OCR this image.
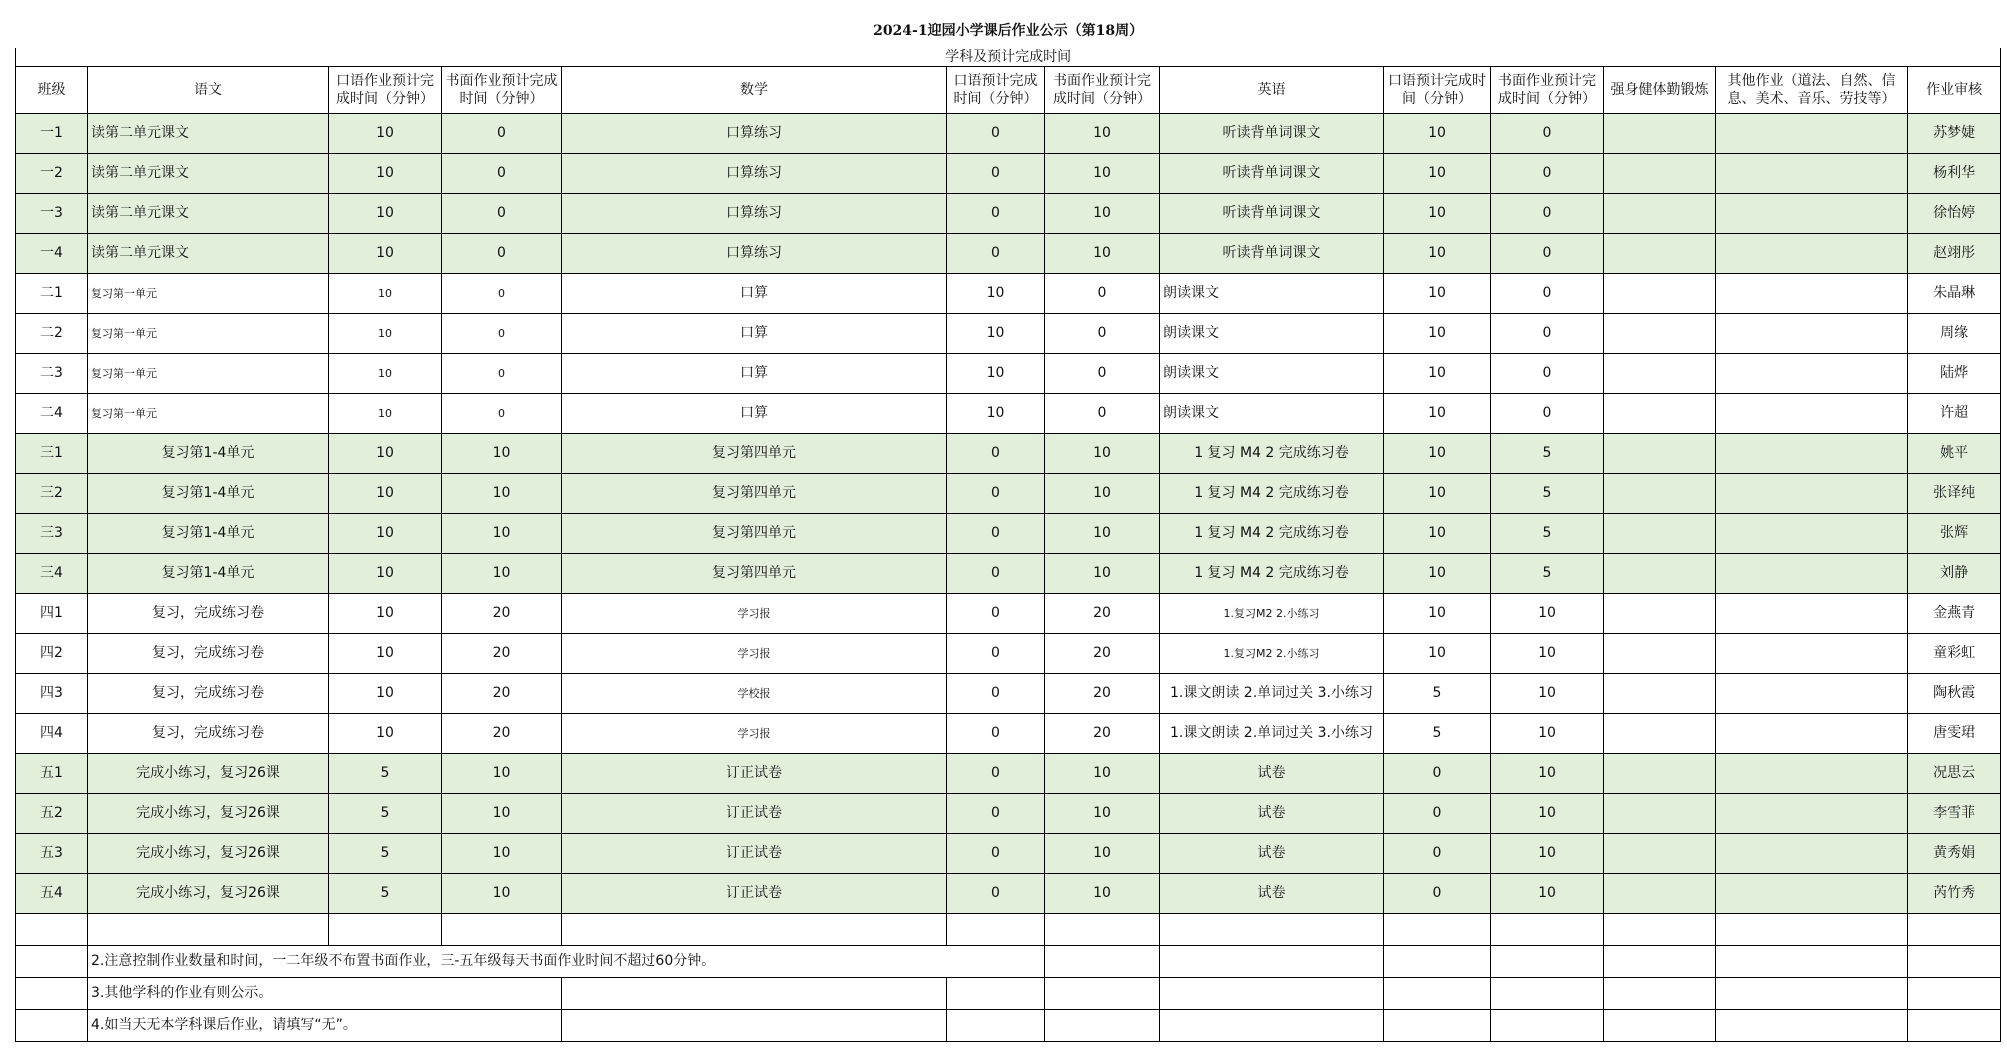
2024-1迎园小学课后作业公示（第18周）												
学科及预计完成时间												
班级	语文	口语作业预计完成时间（分钟）	书面作业预计完成时间（分钟）	数学	口语预计完成时间（分钟）	书面作业预计完成时间（分钟）	英语	口语预计完成时间（分钟）	书面作业预计完成时间（分钟）	强身健体勤锻炼	其他作业（道法、自然、信息、美术、音乐、劳技等）	作业审核
一1	读第二单元课文	10	0	口算练习	0	10	听读背单词课文	10	0			苏梦婕
一2	读第二单元课文	10	0	口算练习	0	10	听读背单词课文	10	0			杨利华
一3	读第二单元课文	10	0	口算练习	0	10	听读背单词课文	10	0			徐怡婷
一4	读第二单元课文	10	0	口算练习	0	10	听读背单词课文	10	0			赵翊彤
二1	复习第一单元	10	0	口算	10	0	朗读课文	10	0			朱晶琳
二2	复习第一单元	10	0	口算	10	0	朗读课文	10	0			周缘
二3	复习第一单元	10	0	口算	10	0	朗读课文	10	0			陆烨
二4	复习第一单元	10	0	口算	10	0	朗读课文	10	0			许超
三1	复习第1-4单元	10	10	复习第四单元	0	10	1 复习 M4 2 完成练习卷	10	5			姚平
三2	复习第1-4单元	10	10	复习第四单元	0	10	1 复习 M4 2 完成练习卷	10	5			张译纯
三3	复习第1-4单元	10	10	复习第四单元	0	10	1 复习 M4 2 完成练习卷	10	5			张辉
三4	复习第1-4单元	10	10	复习第四单元	0	10	1 复习 M4 2 完成练习卷	10	5			刘静
四1	复习，完成练习卷	10	20	学习报	0	20	1.复习M2 2.小练习	10	10			金燕青
四2	复习，完成练习卷	10	20	学习报	0	20	1.复习M2 2.小练习	10	10			童彩虹
四3	复习，完成练习卷	10	20	学校报	0	20	1.课文朗读 2.单词过关 3.小练习	5	10			陶秋霞
四4	复习，完成练习卷	10	20	学习报	0	20	1.课文朗读 2.单词过关 3.小练习	5	10			唐雯珺
五1	完成小练习，复习26课	5	10	订正试卷	0	10	试卷	0	10			况思云
五2	完成小练习，复习26课	5	10	订正试卷	0	10	试卷	0	10			李雪菲
五3	完成小练习，复习26课	5	10	订正试卷	0	10	试卷	0	10			黄秀娟
五4	完成小练习，复习26课	5	10	订正试卷	0	10	试卷	0	10			芮竹秀

	2.注意控制作业数量和时间，一二年级不布置书面作业，三-五年级每天书面作业时间不超过60分钟。											
	3.其他学科的作业有则公示。											
	4.如当天无本学科课后作业，请填写“无”。											
